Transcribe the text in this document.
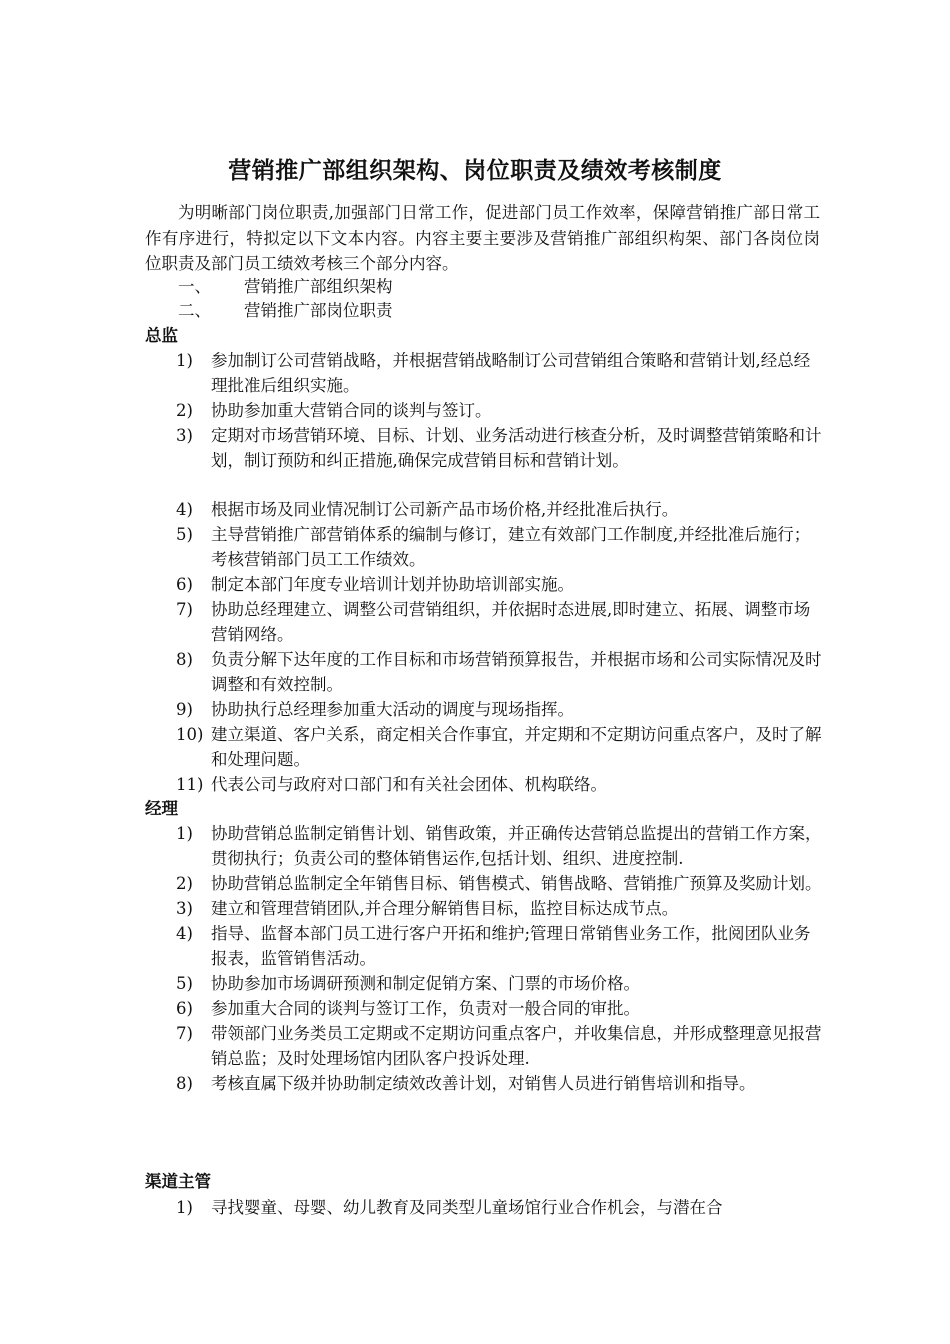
营销推广部组织架构、岗位职责及绩效考核制度
为明晰部门岗位职责,加强部门日常工作，促进部门员工作效率，保障营销推广部日常工作有序进行，特拟定以下文本内容。内容主要主要涉及营销推广部组织构架、部门各岗位岗位职责及部门员工绩效考核三个部分内容。
一、 营销推广部组织架构
二、 营销推广部岗位职责
总监
1)	参加制订公司营销战略，并根据营销战略制订公司营销组合策略和营销计划,经总经理批准后组织实施。
2)	协助参加重大营销合同的谈判与签订。
3)	定期对市场营销环境、目标、计划、业务活动进行核查分析，及时调整营销策略和计划，制订预防和纠正措施,确保完成营销目标和营销计划。
4)	根据市场及同业情况制订公司新产品市场价格,并经批准后执行。
5)	主导营销推广部营销体系的编制与修订，建立有效部门工作制度,并经批准后施行；考核营销部门员工工作绩效。
6)	制定本部门年度专业培训计划并协助培训部实施。
7)	协助总经理建立、调整公司营销组织，并依据时态进展,即时建立、拓展、调整市场营销网络。
8)	负责分解下达年度的工作目标和市场营销预算报告，并根据市场和公司实际情况及时调整和有效控制。
9)	协助执行总经理参加重大活动的调度与现场指挥。
10) 建立渠道、客户关系，商定相关合作事宜，并定期和不定期访问重点客户，及时了解和处理问题。
11) 代表公司与政府对口部门和有关社会团体、机构联络。
经理
1)	协助营销总监制定销售计划、销售政策，并正确传达营销总监提出的营销工作方案，贯彻执行；负责公司的整体销售运作,包括计划、组织、进度控制.
2)	协助营销总监制定全年销售目标、销售模式、销售战略、营销推广预算及奖励计划。
3)	建立和管理营销团队,并合理分解销售目标，监控目标达成节点。
4)	指导、监督本部门员工进行客户开拓和维护;管理日常销售业务工作，批阅团队业务报表，监管销售活动。
5)	协助参加市场调研预测和制定促销方案、门票的市场价格。
6)	参加重大合同的谈判与签订工作，负责对一般合同的审批。
7)	带领部门业务类员工定期或不定期访问重点客户，并收集信息，并形成整理意见报营销总监；及时处理场馆内团队客户投诉处理.
8)	考核直属下级并协助制定绩效改善计划，对销售人员进行销售培训和指导。
渠道主管
1)	寻找婴童、母婴、幼儿教育及同类型儿童场馆行业合作机会，与潜在合
